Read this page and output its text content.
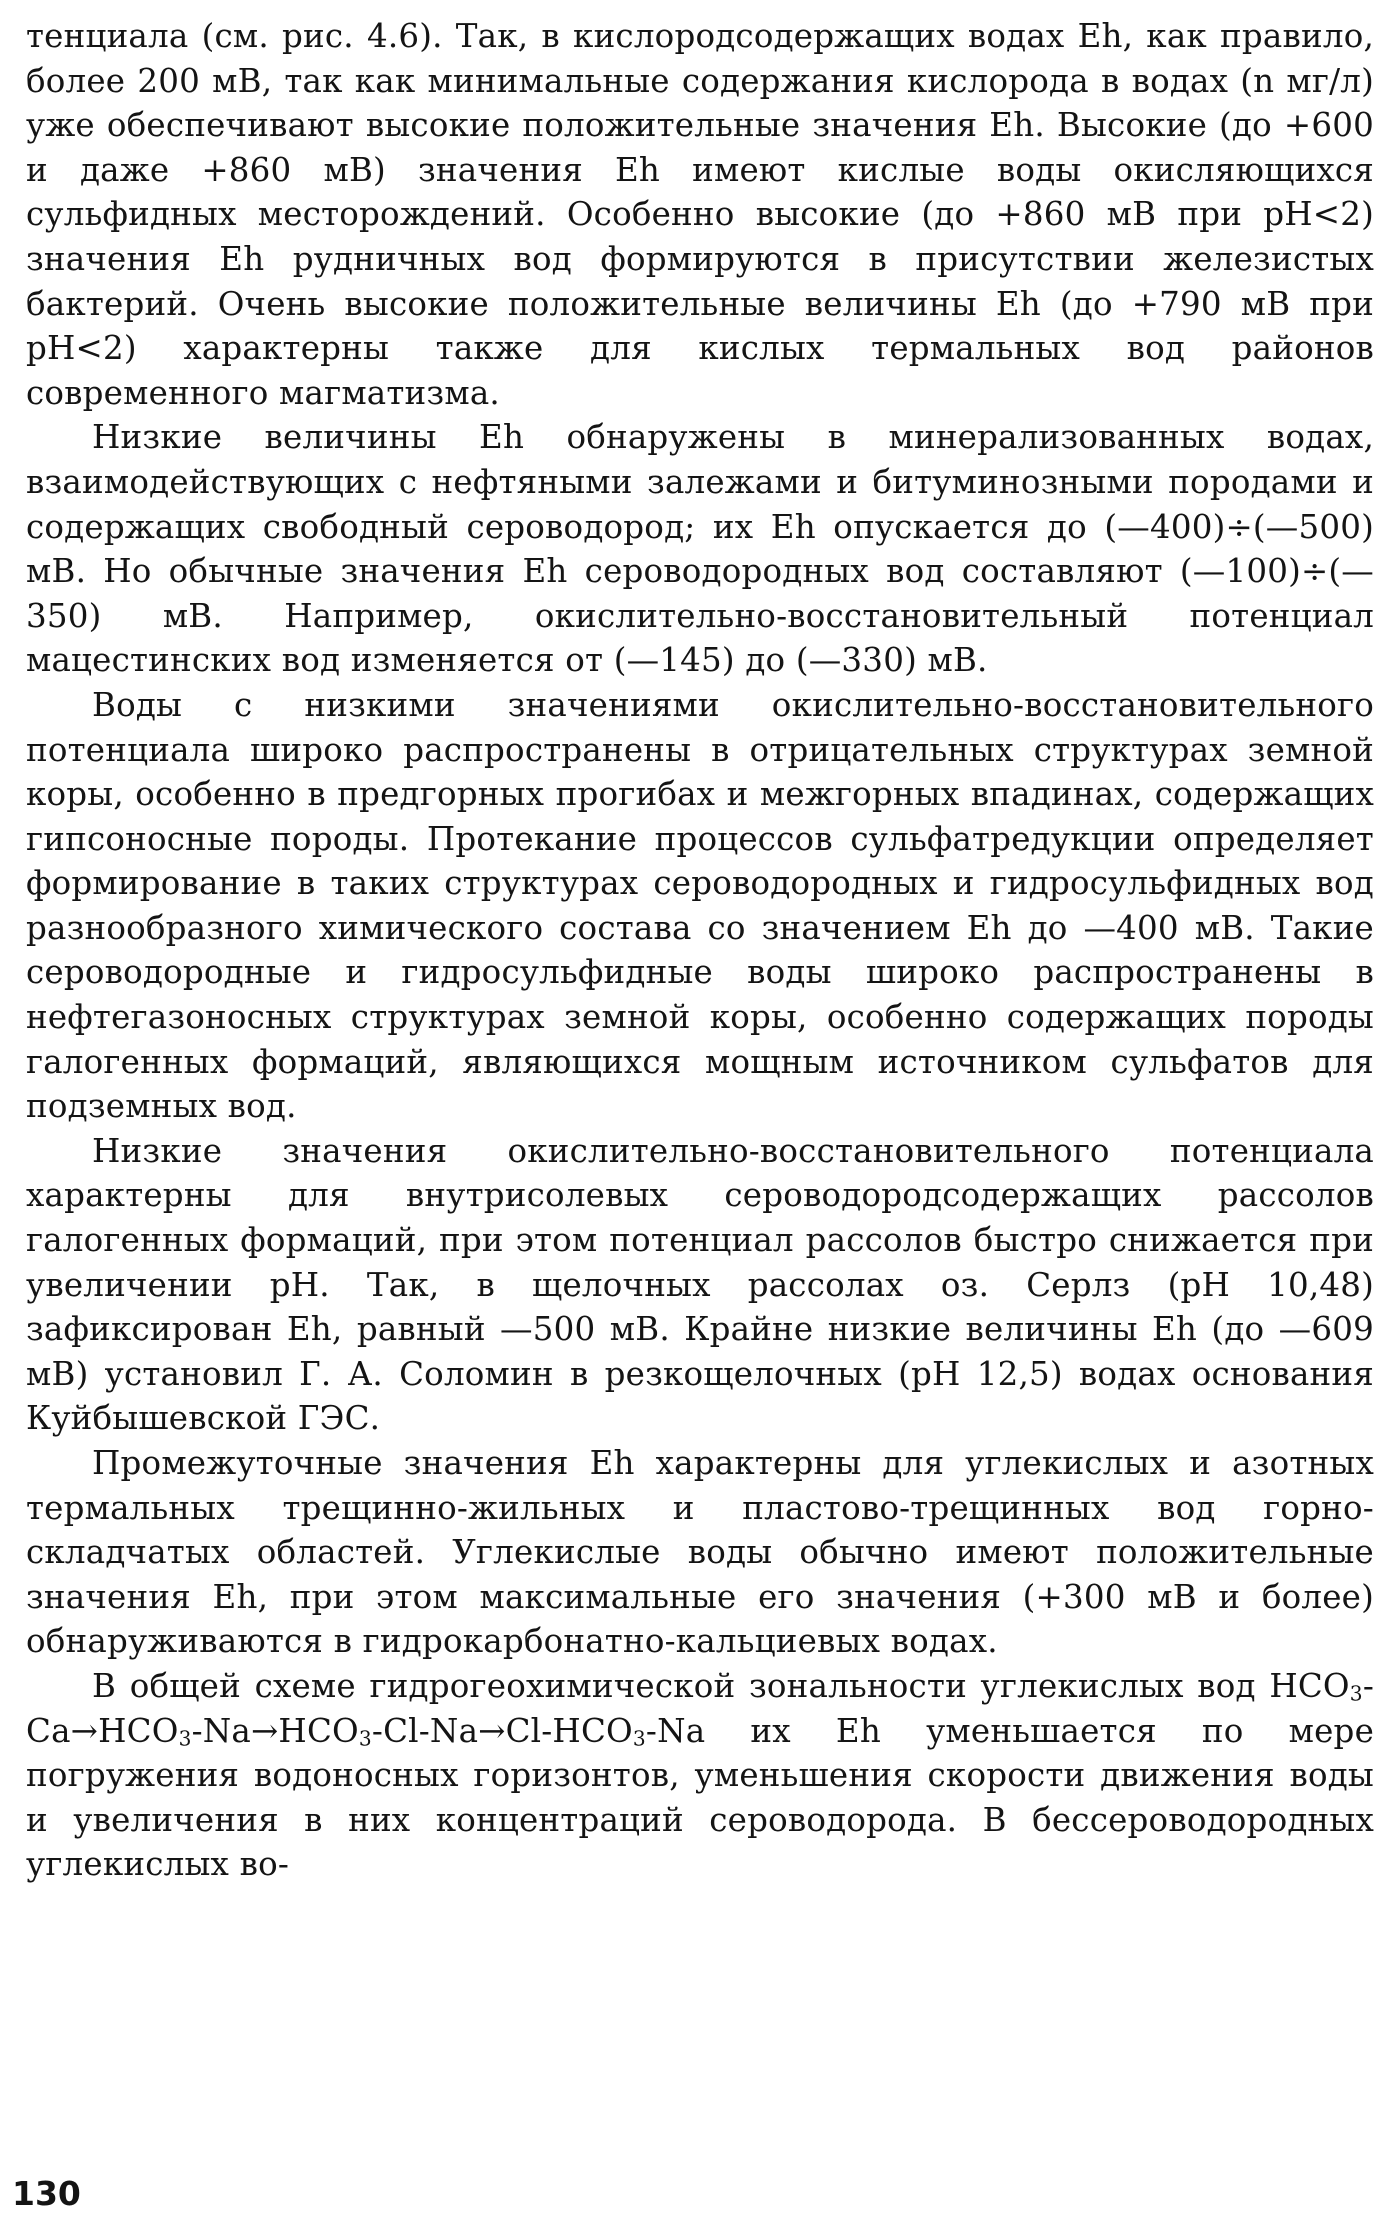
тенциала (см. рис. 4.6). Так, в кислородсодержащих водах Eh, как правило, более 200 мВ, так как минимальные содержания кислорода в водах (n мг/л) уже обеспечивают высокие положительные значения Eh. Высокие (до +600 и даже +860 мВ) значения Eh имеют кислые воды окисляющихся сульфидных месторождений. Особенно высокие (до +860 мВ при pH<2) значения Eh рудничных вод формируются в присутствии железистых бактерий. Очень высокие положительные величины Eh (до +790 мВ при pH<2) характерны также для кислых термальных вод районов современного магматизма.

Низкие величины Eh обнаружены в минерализованных водах, взаимодействующих с нефтяными залежами и битуминозными породами и содержащих свободный сероводород; их Eh опускается до (—400)÷(—500) мВ. Но обычные значения Eh сероводородных вод составляют (—100)÷(—350) мВ. Например, окислительно-восстановительный потенциал мацестинских вод изменяется от (—145) до (—330) мВ.

Воды с низкими значениями окислительно-восстановительного потенциала широко распространены в отрицательных структурах земной коры, особенно в предгорных прогибах и межгорных впадинах, содержащих гипсоносные породы. Протекание процессов сульфатредукции определяет формирование в таких структурах сероводородных и гидросульфидных вод разнообразного химического состава со значением Eh до —400 мВ. Такие сероводородные и гидросульфидные воды широко распространены в нефтегазоносных структурах земной коры, особенно содержащих породы галогенных формаций, являющихся мощным источником сульфатов для подземных вод.

Низкие значения окислительно-восстановительного потенциала характерны для внутрисолевых сероводородсодержащих рассолов галогенных формаций, при этом потенциал рассолов быстро снижается при увеличении pH. Так, в щелочных рассолах оз. Серлз (pH 10,48) зафиксирован Eh, равный —500 мВ. Крайне низкие величины Eh (до —609 мВ) установил Г. А. Соломин в резкощелочных (pH 12,5) водах основания Куйбышевской ГЭС.

Промежуточные значения Eh характерны для углекислых и азотных термальных трещинно-жильных и пластово-трещинных вод горно-складчатых областей. Углекислые воды обычно имеют положительные значения Eh, при этом максимальные его значения (+300 мВ и более) обнаруживаются в гидрокарбонатно-кальциевых водах.

В общей схеме гидрогеохимической зональности углекислых вод $HCO_3-Ca\to HCO_3-Na\to HCO_3-Cl-Na\to Cl-HCO_3-Na$ их Eh уменьшается по мере погружения водоносных горизонтов, уменьшения скорости движения воды и увеличения в них концентраций сероводорода. В бессероводородных углекислых во-

130
